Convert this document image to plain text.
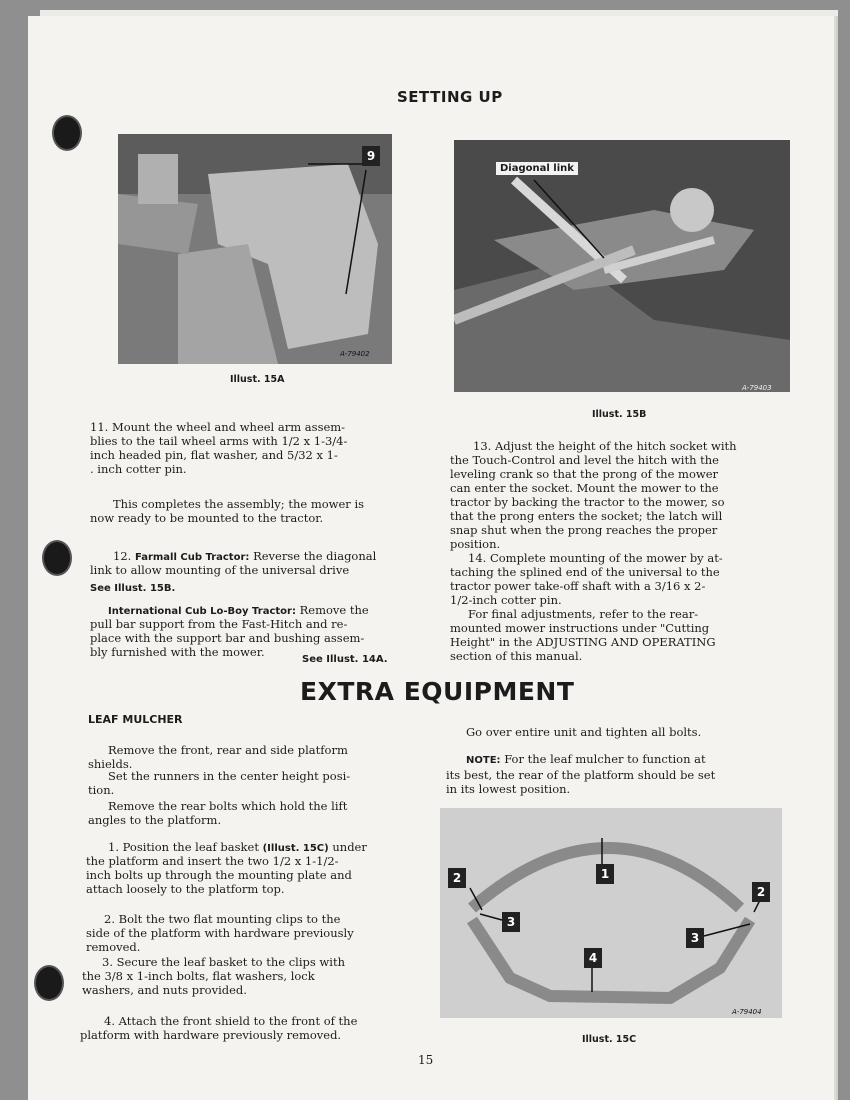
SETTING UP
9
A-79402
Illust. 15A
Diagonal link
A-79403
Illust. 15B
11. Mount the wheel and wheel arm assem-
blies to the tail wheel arms with 1/2 x 1-3/4-
inch headed pin, flat washer, and 5/32 x 1-
. inch cotter pin.
This completes the assembly; the mower is
now ready to be mounted to the tractor.
12. Farmall Cub Tractor: Reverse the diagonal
link to allow mounting of the universal drive
See Illust. 15B.
International Cub Lo-Boy Tractor: Remove the
pull bar support from the Fast-Hitch and re-
place with the support bar and bushing assem-
bly furnished with the mower.
See Illust. 14A.
13. Adjust the height of the hitch socket with
the Touch-Control and level the hitch with the
leveling crank so that the prong of the mower
can enter the socket. Mount the mower to the
tractor by backing the tractor to the mower, so
that the prong enters the socket; the latch will
snap shut when the prong reaches the proper
position.
14. Complete mounting of the mower by at-
taching the splined end of the universal to the
tractor power take-off shaft with a 3/16 x 2-
1/2-inch cotter pin.
For final adjustments, refer to the rear-
mounted mower instructions under "Cutting
Height" in the ADJUSTING AND OPERATING
section of this manual.
EXTRA EQUIPMENT
LEAF MULCHER
Remove the front, rear and side platform
shields.
Set the runners in the center height posi-
tion.
Remove the rear bolts which hold the lift
angles to the platform.
1. Position the leaf basket (Illust. 15C) under
the platform and insert the two 1/2 x 1-1/2-
inch bolts up through the mounting plate and
attach loosely to the platform top.
2. Bolt the two flat mounting clips to the
side of the platform with hardware previously
removed.
3. Secure the leaf basket to the clips with
the 3/8 x 1-inch bolts, flat washers, lock
washers, and nuts provided.
4. Attach the front shield to the front of the
platform with hardware previously removed.
Go over entire unit and tighten all bolts.
NOTE: For the leaf mulcher to function at
its best, the rear of the platform should be set
in its lowest position.
1
2
2
3
3
4
A-79404
Illust. 15C
15
